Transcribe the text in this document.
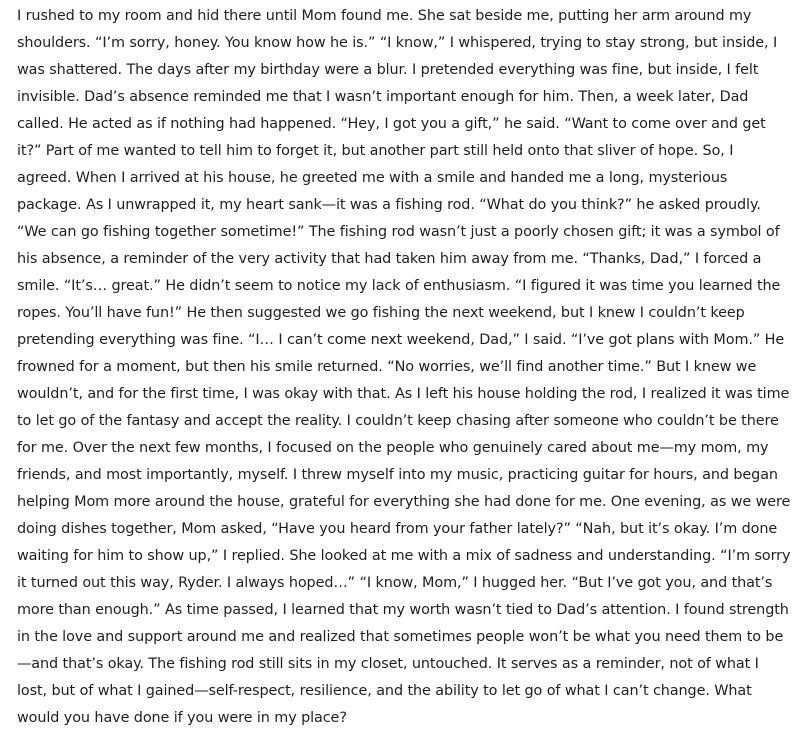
I rushed to my room and hid there until Mom found me. She sat beside me, putting her arm around my shoulders. “I’m sorry, honey. You know how he is.” “I know,” I whispered, trying to stay strong, but inside, I was shattered. The days after my birthday were a blur. I pretended everything was fine, but inside, I felt invisible. Dad’s absence reminded me that I wasn’t important enough for him. Then, a week later, Dad called. He acted as if nothing had happened. “Hey, I got you a gift,” he said. “Want to come over and get it?” Part of me wanted to tell him to forget it, but another part still held onto that sliver of hope. So, I agreed. When I arrived at his house, he greeted me with a smile and handed me a long, mysterious package. As I unwrapped it, my heart sank—it was a fishing rod. “What do you think?” he asked proudly. “We can go fishing together sometime!” The fishing rod wasn’t just a poorly chosen gift; it was a symbol of his absence, a reminder of the very activity that had taken him away from me. “Thanks, Dad,” I forced a smile. “It’s… great.” He didn’t seem to notice my lack of enthusiasm. “I figured it was time you learned the ropes. You’ll have fun!” He then suggested we go fishing the next weekend, but I knew I couldn’t keep pretending everything was fine. “I… I can’t come next weekend, Dad,” I said. “I’ve got plans with Mom.” He frowned for a moment, but then his smile returned. “No worries, we’ll find another time.” But I knew we wouldn’t, and for the first time, I was okay with that. As I left his house holding the rod, I realized it was time to let go of the fantasy and accept the reality. I couldn’t keep chasing after someone who couldn’t be there for me. Over the next few months, I focused on the people who genuinely cared about me—my mom, my friends, and most importantly, myself. I threw myself into my music, practicing guitar for hours, and began helping Mom more around the house, grateful for everything she had done for me. One evening, as we were doing dishes together, Mom asked, “Have you heard from your father lately?” “Nah, but it’s okay. I’m done waiting for him to show up,” I replied. She looked at me with a mix of sadness and understanding. “I’m sorry it turned out this way, Ryder. I always hoped…” “I know, Mom,” I hugged her. “But I’ve got you, and that’s more than enough.” As time passed, I learned that my worth wasn’t tied to Dad’s attention. I found strength in the love and support around me and realized that sometimes people won’t be what you need them to be—and that’s okay. The fishing rod still sits in my closet, untouched. It serves as a reminder, not of what I lost, but of what I gained—self-respect, resilience, and the ability to let go of what I can’t change. What would you have done if you were in my place?
